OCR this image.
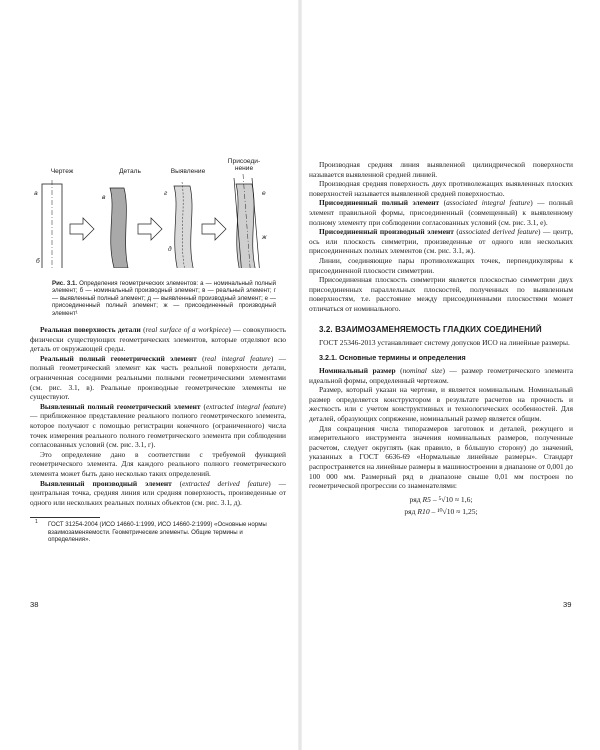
Чертеж	Деталь	Выявление
Присоеди-
нение
а
б
в
г
д
е
ж
Рис. 3.1. Определения геометрических элементов: а — номинальный полный элемент; б — номинальный производный элемент; в — реальный элемент; г — выявленный полный элемент; д — выявленный производный элемент; е — присоединенный полный элемент; ж — присоединенный производный элемент¹

Реальная поверхность детали (real surface of a workpiece) — совокупность физически существующих геометрических элементов, которые отделяют всю деталь от окружающей среды.

Реальный полный геометрический элемент (real integral feature) — полный геометрический элемент как часть реальной поверхности детали, ограниченная соседними реальными полными геометрическими элементами (см. рис. 3.1, в). Реальные производные геометрические элементы не существуют.

Выявленный полный геометрический элемент (extracted integral feature) — приближенное представление реального полного геометрического элемента, которое получают с помощью регистрации конечного (ограниченного) числа точек измерения реального полного геометрического элемента при соблюдении согласованных условий (см. рис. 3.1, г).

Это определение дано в соответствии с требуемой функцией геометрического элемента. Для каждого реального полного геометрического элемента может быть дано несколько таких определений.

Выявленный производный элемент (extracted derived feature) — центральная точка, средняя линия или средняя поверхность, произведенные от одного или нескольких реальных полных объектов (см. рис. 3.1, д).

1 ГОСТ 31254-2004 (ИСО 14660-1:1999, ИСО 14660-2:1999) «Основные нормы взаимозаменяемости. Геометрические элементы. Общие термины и определения».
38

Производная средняя линия выявленной цилиндрической поверхности называется выявленной средней линией.

Производная средняя поверхность двух противолежащих выявленных плоских поверхностей называется выявленной средней поверхностью.

Присоединенный полный элемент (associated integral feature) — полный элемент правильной формы, присоединенный (совмещенный) к выявленному полному элементу при соблюдении согласованных условий (см. рис. 3.1, е).

Присоединенный производный элемент (associated derived feature) — центр, ось или плоскость симметрии, произведенные от одного или нескольких присоединенных полных элементов (см. рис. 3.1, ж).

Линии, соединяющие пары противолежащих точек, перпендикулярны к присоединенной плоскости симметрии.

Присоединенная плоскость симметрии является плоскостью симметрии двух присоединенных параллельных плоскостей, полученных по выявленным поверхностям, т.е. расстояние между присоединенными плоскостями может отличаться от номинального.

3.2. ВЗАИМОЗАМЕНЯЕМОСТЬ ГЛАДКИХ СОЕДИНЕНИЙ

ГОСТ 25346-2013 устанавливает систему допусков ИСО на линейные размеры.

3.2.1. Основные термины и определения

Номинальный размер (nominal size) — размер геометрического элемента идеальной формы, определенный чертежом.

Размер, который указан на чертеже, и является номинальным. Номинальный размер определяется конструктором в результате расчетов на прочность и жесткость или с учетом конструктивных и технологических особенностей. Для деталей, образующих сопряжение, номинальный размер является общим.

Для сокращения числа типоразмеров заготовок и деталей, режущего и измерительного инструмента значения номинальных размеров, полученные расчетом, следует округлять (как правило, в бóльшую сторону) до значений, указанных в ГОСТ 6636-69 «Нормальные линейные размеры». Стандарт распространяется на линейные размеры в машиностроении в диапазоне от 0,001 до 100 000 мм. Размерный ряд в диапазоне свыше 0,01 мм построен по геометрической прогрессии со знаменателями:

ряд R5 – ⁵√10 ≈ 1,6;
ряд R10 – ¹⁰√10 ≈ 1,25;
39
